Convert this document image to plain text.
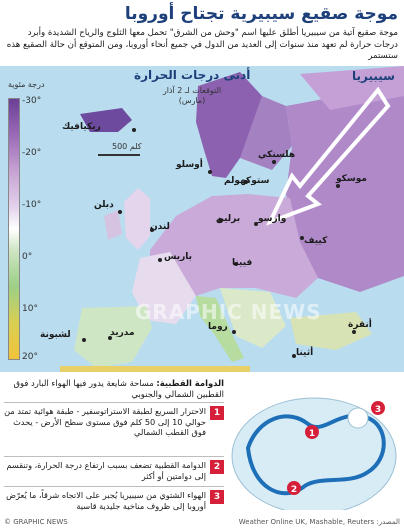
موجة صقيع سيبيرية تجتاح أوروبا
موجة صقيع آتية من سيبيريا أطلق عليها اسم "وحش من الشرق" تحمل معها الثلوج والرياح الشديدة وأبرد درجات حرارة لم تعهد منذ سنوات إلى العديد من الدول في جميع أنحاء أوروبا، ومن المتوقع أن حالة الصقيع هذه ستستمر
أدنى درجات الحرارة
التوقعات لـ 2 آذار (مارس)
سيبيريا
درجة مئوية
-30°
-20°
-10°
0°
10°
20°
500 كلم
ريكيافيك
أوسلو
هلسنكي
ستوكهولم	موسكو
دبلن
لندن
برلين وارسو
كييف
باريس
فيينا
لشبونة	مدريد
روما	أنقرة
أثينا
GRAPHIC NEWS
الدوامة القطبية: مساحة شايعة يدور فيها الهواء البارد فوق القطبين الشمالي والجنوبي
1
الاحترار السريع لطبقة الاستراتوسفير - طبقة هوائية تمتد من حوالي 10 إلى 50 كلم فوق مستوى سطح الأرض - يحدث فوق القطب الشمالي
2
الدوامة القطبية تضعف بسبب ارتفاع درجة الحرارة، وتنقسم إلى دوامتين أو أكثر
3
الهواء الشتوي من سيبيريا يُجبر على الاتجاه شرقاً، ما يُعرّض أوروبا إلى ظروف مناخية جليدية قاسية
1
2
3
© GRAPHIC NEWS	المصدر: Weather Online UK, Mashable, Reuters
